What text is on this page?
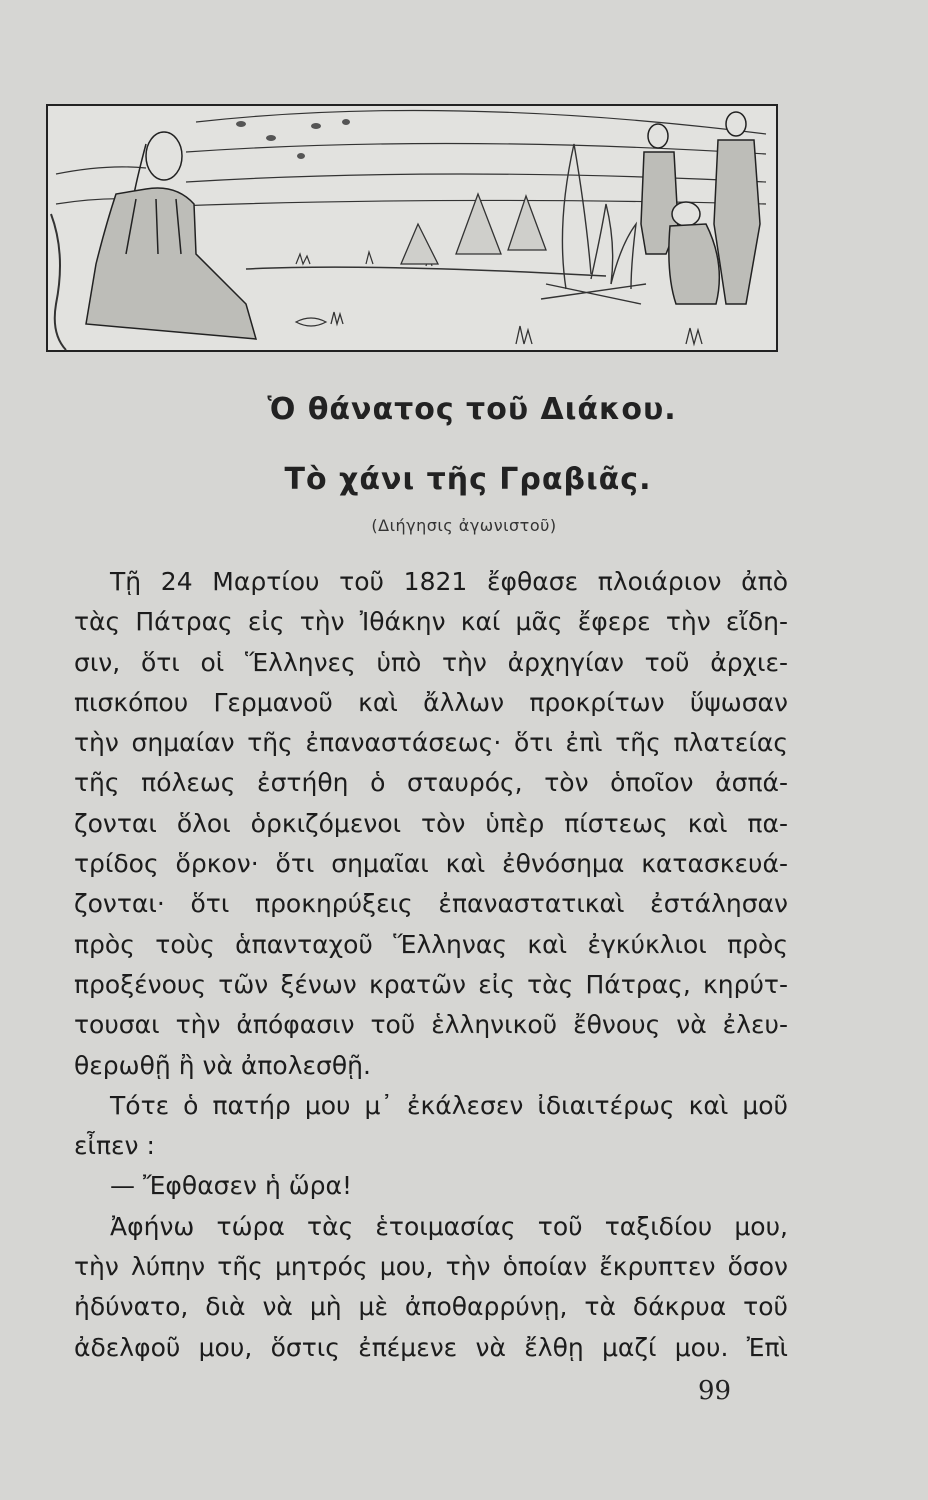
Ὁ θάνατος τοῦ Διάκου.
Τὸ χάνι τῆς Γραβιᾶς.

(Διήγησις ἀγωνιστοῦ)

Τῇ 24 Μαρτίου τοῦ 1821 ἔφθασε πλοιάριον ἀπὸ
τὰς Πάτρας εἰς τὴν Ἰθάκην καί μᾶς ἔφερε τὴν εἴδη-
σιν, ὅτι οἱ Ἕλληνες ὑπὸ τὴν ἀρχηγίαν τοῦ ἀρχιε-
πισκόπου Γερμανοῦ καὶ ἄλλων προκρίτων ὕψωσαν
τὴν σημαίαν τῆς ἐπαναστάσεως· ὅτι ἐπὶ τῆς πλατείας
τῆς πόλεως ἐστήθη ὁ σταυρός, τὸν ὁποῖον ἀσπά-
ζονται ὅλοι ὁρκιζόμενοι τὸν ὑπὲρ πίστεως καὶ πα-
τρίδος ὅρκον· ὅτι σημαῖαι καὶ ἐθνόσημα κατασκευά-
ζονται· ὅτι προκηρύξεις ἐπαναστατικαὶ ἐστάλησαν
πρὸς τοὺς ἁπανταχοῦ Ἕλληνας καὶ ἐγκύκλιοι πρὸς
προξένους τῶν ξένων κρατῶν εἰς τὰς Πάτρας, κηρύτ-
τουσαι τὴν ἀπόφασιν τοῦ ἑλληνικοῦ ἔθνους νὰ ἐλευ-
θερωθῇ ἢ νὰ ἀπολεσθῇ.
Τότε ὁ πατήρ μου μ᾽ ἐκάλεσεν ἰδιαιτέρως καὶ μοῦ
εἶπεν :
— Ἔφθασεν ἡ ὥρα!
Ἀφήνω τώρα τὰς ἑτοιμασίας τοῦ ταξιδίου μου,
τὴν λύπην τῆς μητρός μου, τὴν ὁποίαν ἔκρυπτεν ὅσον
ἠδύνατο, διὰ νὰ μὴ μὲ ἀποθαρρύνῃ, τὰ δάκρυα τοῦ
ἀδελφοῦ μου, ὅστις ἐπέμενε νὰ ἔλθῃ μαζί μου. Ἐπὶ
99
